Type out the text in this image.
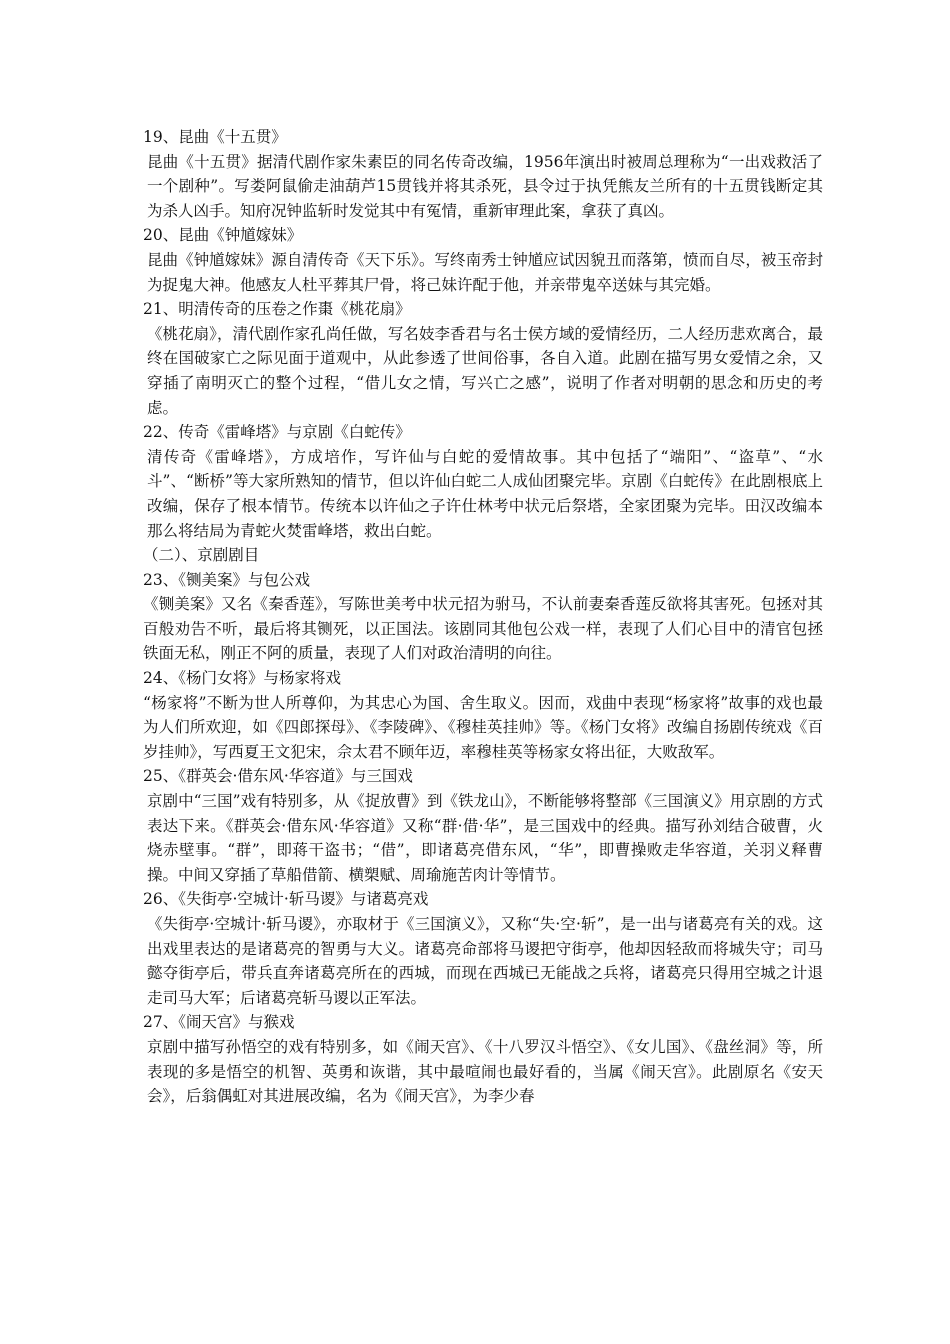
19、昆曲《十五贯》

昆曲《十五贯》据清代剧作家朱素臣的同名传奇改编，1956年演出时被周总理称为“一出戏救活了一个剧种”。写娄阿鼠偷走油葫芦15贯钱并将其杀死，县令过于执凭熊友兰所有的十五贯钱断定其为杀人凶手。知府况钟监斩时发觉其中有冤情，重新审理此案，拿获了真凶。

20、昆曲《钟馗嫁妹》

昆曲《钟馗嫁妹》源自清传奇《天下乐》。写终南秀士钟馗应试因貌丑而落第，愤而自尽，被玉帝封为捉鬼大神。他感友人杜平葬其尸骨，将己妹许配于他，并亲带鬼卒送妹与其完婚。

21、明清传奇的压卷之作棗《桃花扇》

《桃花扇》，清代剧作家孔尚任做，写名妓李香君与名士侯方域的爱情经历，二人经历悲欢离合，最终在国破家亡之际见面于道观中，从此参透了世间俗事，各自入道。此剧在描写男女爱情之余，又穿插了南明灭亡的整个过程，“借儿女之情，写兴亡之感”，说明了作者对明朝的思念和历史的考虑。

22、传奇《雷峰塔》与京剧《白蛇传》

清传奇《雷峰塔》，方成培作，写许仙与白蛇的爱情故事。其中包括了“端阳”、“盗草”、“水斗”、“断桥”等大家所熟知的情节，但以许仙白蛇二人成仙团聚完毕。京剧《白蛇传》在此剧根底上改编，保存了根本情节。传统本以许仙之子许仕林考中状元后祭塔，全家团聚为完毕。田汉改编本那么将结局为青蛇火焚雷峰塔，救出白蛇。

（二）、京剧剧目

23、《铡美案》与包公戏

《铡美案》又名《秦香莲》，写陈世美考中状元招为驸马，不认前妻秦香莲反欲将其害死。包拯对其百般劝告不听，最后将其铡死，以正国法。该剧同其他包公戏一样，表现了人们心目中的清官包拯铁面无私，刚正不阿的质量，表现了人们对政治清明的向往。

24、《杨门女将》与杨家将戏

“杨家将”不断为世人所尊仰，为其忠心为国、舍生取义。因而，戏曲中表现“杨家将”故事的戏也最为人们所欢迎，如《四郎探母》、《李陵碑》、《穆桂英挂帅》等。《杨门女将》改编自扬剧传统戏《百岁挂帅》，写西夏王文犯宋，佘太君不顾年迈，率穆桂英等杨家女将出征，大败敌军。

25、《群英会·借东风·华容道》与三国戏

京剧中“三国”戏有特别多，从《捉放曹》到《铁龙山》，不断能够将整部《三国演义》用京剧的方式表达下来。《群英会·借东风·华容道》又称“群·借·华”，是三国戏中的经典。描写孙刘结合破曹，火烧赤壁事。“群”，即蒋干盗书；“借”，即诸葛亮借东风，“华”，即曹操败走华容道，关羽义释曹操。中间又穿插了草船借箭、横槊赋、周瑜施苦肉计等情节。

26、《失街亭·空城计·斩马谡》与诸葛亮戏

《失街亭·空城计·斩马谡》，亦取材于《三国演义》，又称“失·空·斩”，是一出与诸葛亮有关的戏。这出戏里表达的是诸葛亮的智勇与大义。诸葛亮命部将马谡把守街亭，他却因轻敌而将城失守；司马懿夺街亭后，带兵直奔诸葛亮所在的西城，而现在西城已无能战之兵将，诸葛亮只得用空城之计退走司马大军；后诸葛亮斩马谡以正军法。

27、《闹天宫》与猴戏

京剧中描写孙悟空的戏有特别多，如《闹天宫》、《十八罗汉斗悟空》、《女儿国》、《盘丝洞》等，所表现的多是悟空的机智、英勇和诙谐，其中最喧闹也最好看的，当属《闹天宫》。此剧原名《安天会》，后翁偶虹对其进展改编，名为《闹天宫》，为李少春
